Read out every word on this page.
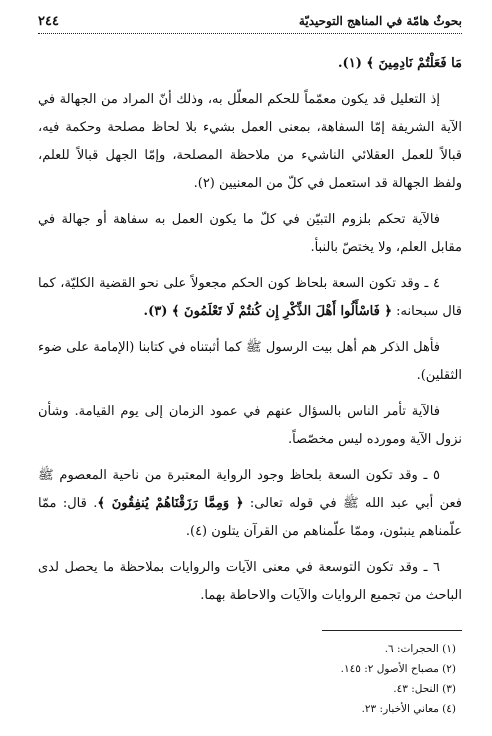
بحوثٌ هامّة في المناهج التوحيديّة
٢٤٤

مَا فَعَلْتُمْ نَادِمِينَ ﴾ (١).

إذ التعليل قد يكون معمّماً للحكم المعلّل به، وذلك أنّ المراد من الجهالة في الآية الشريفة إمّا السفاهة، بمعنى العمل بشيء بلا لحاظ مصلحة وحكمة فيه، قبالاً للعمل العقلائي الناشيء من ملاحظة المصلحة، وإمّا الجهل قبالاً للعلم، ولفظ الجهالة قد استعمل في كلّ من المعنيين (٢).

فالآية تحكم بلزوم التبيّن في كلّ ما يكون العمل به سفاهة أو جهالة في مقابل العلم، ولا يختصّ بالنبأ.

٤ ـ وقد تكون السعة بلحاظ كون الحكم مجعولاً على نحو القضية الكليّة، كما قال سبحانه: ﴿ فَاسْأَلُوا أَهْلَ الذِّكْرِ إِن كُنتُمْ لَا تَعْلَمُونَ ﴾ (٣).

فأهل الذكر هم أهل بيت الرسول ﷺ كما أثبتناه في كتابنا (الإمامة على ضوء الثقلين).

فالآية تأمر الناس بالسؤال عنهم في عمود الزمان إلى يوم القيامة. وشأن نزول الآية ومورده ليس مخصّصاً.

٥ ـ وقد تكون السعة بلحاظ وجود الرواية المعتبرة من ناحية المعصوم ﷺ فعن أبي عبد الله ﷺ في قوله تعالى: ﴿ وَمِمَّا رَزَقْنَاهُمْ يُنفِقُونَ ﴾. قال: ممّا علّمناهم ينبئون، وممّا علّمناهم من القرآن يتلون (٤).

٦ ـ وقد تكون التوسعة في معنى الآيات والروايات بملاحظة ما يحصل لدى الباحث من تجميع الروايات والآيات والاحاطة بهما.

(١) الحجرات: ٦.

(٢) مصباح الأصول ٢: ١٤٥.

(٣) النحل: ٤٣.

(٤) معاني الأخبار: ٢٣.
